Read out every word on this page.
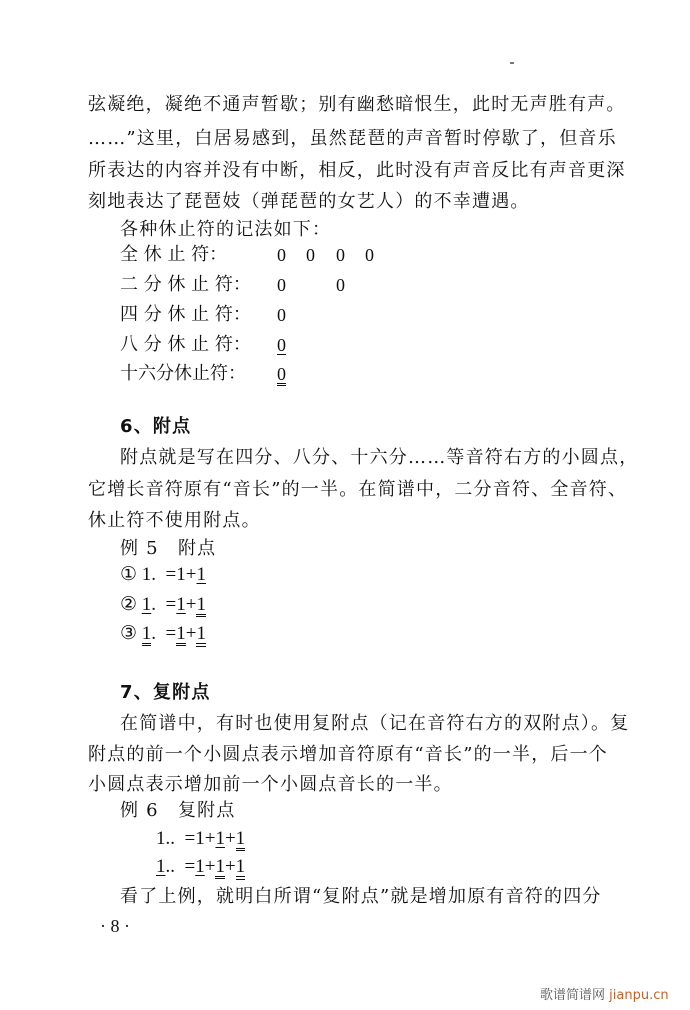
弦凝绝，凝绝不通声暂歇；别有幽愁暗恨生，此时无声胜有声。
……”这里，白居易感到，虽然琵琶的声音暂时停歇了，但音乐
所表达的内容并没有中断，相反，此时没有声音反比有声音更深
刻地表达了琵琶妓（弹琵琶的女艺人）的不幸遭遇。
各种休止符的记法如下：
全 休 止 符：	0 0 0 0
二 分 休 止 符： 0	0
四 分 休 止 符： 0
八 分 休 止 符： 0
十六分休止符： 0
6、附点
附点就是写在四分、八分、十六分……等音符右方的小圆点，
它增长音符原有“音长”的一半。在简谱中，二分音符、全音符、
休止符不使用附点。
例 5　附点
① 1.  =1+1
② 1.  =1+1
③ 1.  =1+1
7、复附点
在简谱中，有时也使用复附点（记在音符右方的双附点）。复
附点的前一个小圆点表示增加音符原有“音长”的一半，后一个
小圆点表示增加前一个小圆点音长的一半。
例 6　复附点
1..  =1+1+1
1..  =1+1+1
看了上例，就明白所谓“复附点”就是增加原有音符的四分
· 8 ·
歌谱简谱网 jianpu.cn
